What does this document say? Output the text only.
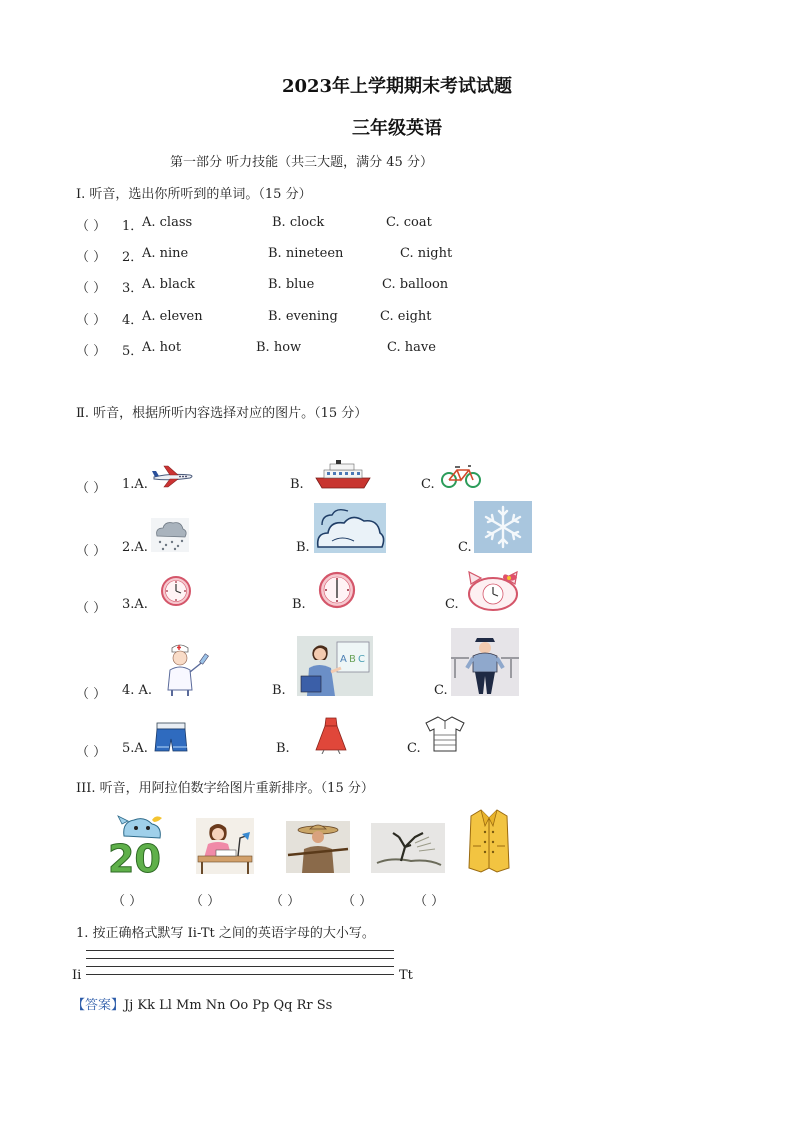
2023年上学期期末考试试题
三年级英语
第一部分 听力技能（共三大题，满分 45 分）
Ⅰ. 听音，选出你所听到的单词。（15 分）
（ ） 1．
A. class	B. clock	C. coat
（ ） 2．
A. nine	B. nineteen	C. night
（ ） 3．
A. black	B. blue	C. balloon
（ ） 4．
A. eleven	B. evening	C. eight
（ ） 5．
A. hot	B. how	C. have
Ⅱ. 听音，根据所听内容选择对应的图片。（15 分）
（ ） 1.A.	B.	C.
（ ） 2.A.	B.	C.
（ ） 3.A.	B.	C.
（ ） 4. A.	B.
A B C
C.
（ ） 5.A.	B.	C.
III. 听音，用阿拉伯数字给图片重新排序。（15 分）
20
（ ）	（ ）	（ ）	（ ）	（ ）
1. 按正确格式默写 Ii-Tt 之间的英语字母的大小写。
Ii	Tt
【答案】Jj Kk Ll Mm Nn Oo Pp Qq Rr Ss
